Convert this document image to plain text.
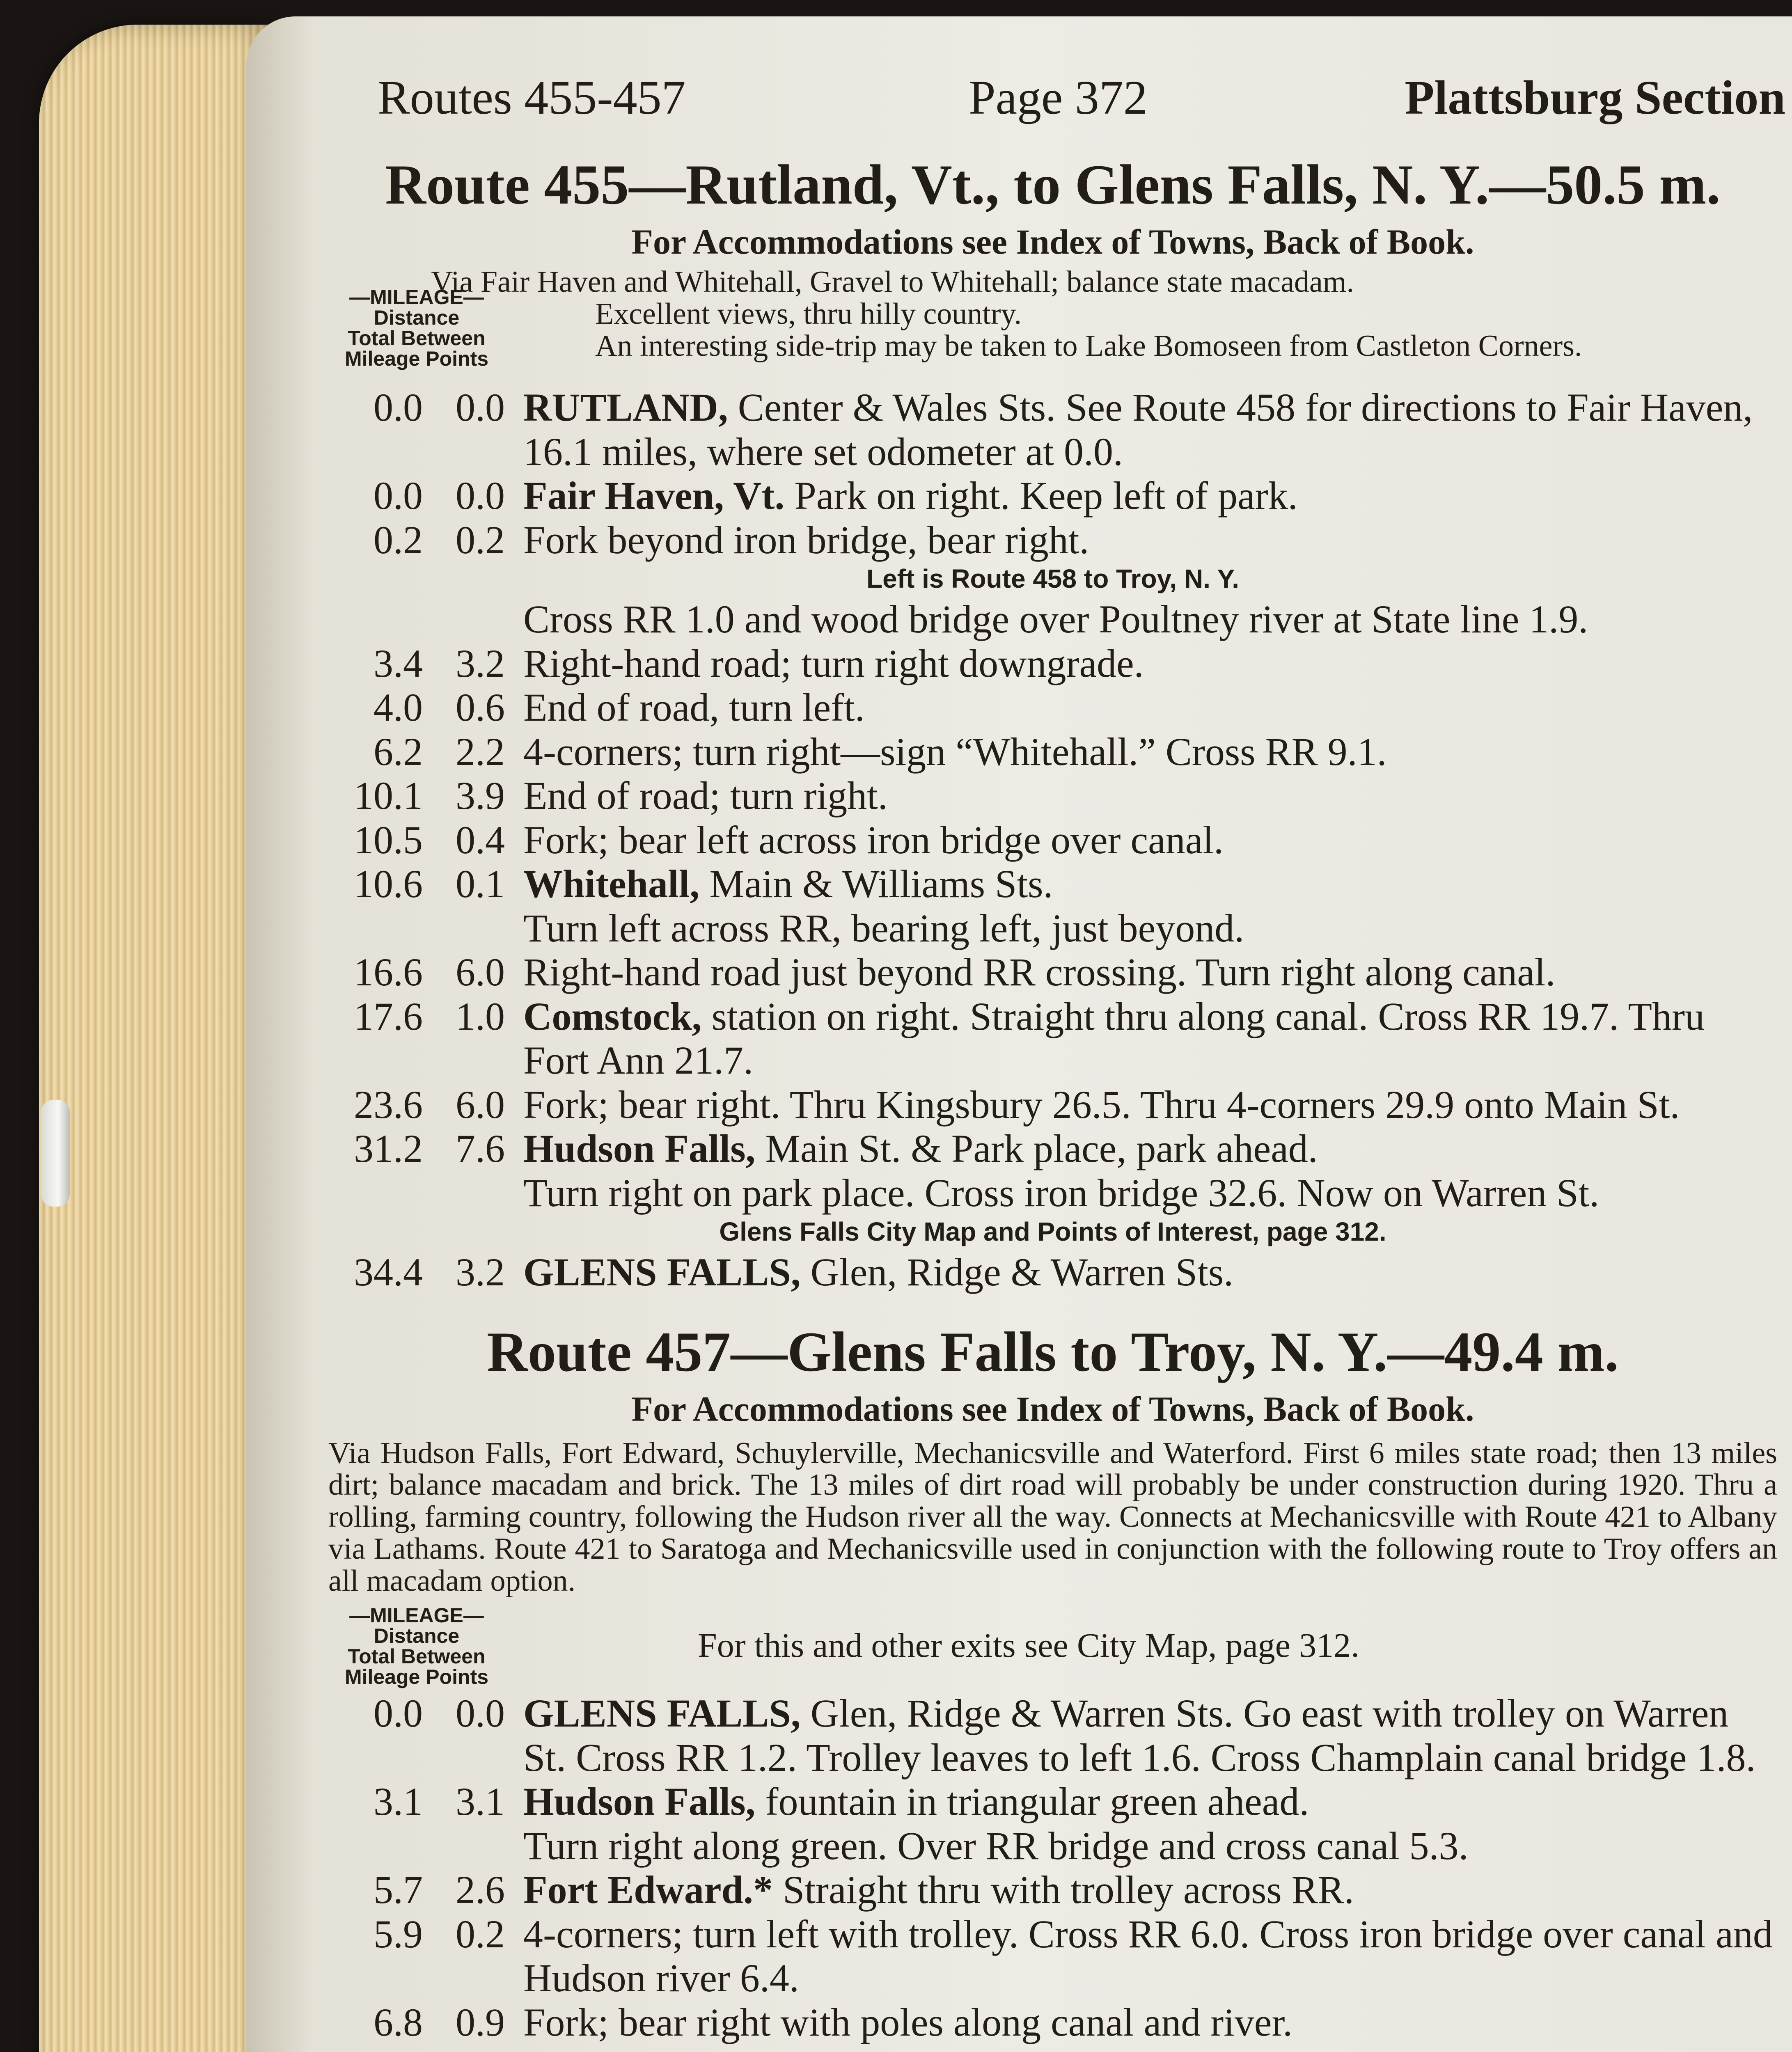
Routes 455-457	Page 372	Plattsburg Section
Route 455—Rutland, Vt., to Glens Falls, N. Y.—50.5 m.
For Accommodations see Index of Towns, Back of Book.
—MILEAGE—
Distance
Total Between
Mileage Points
Via Fair Haven and Whitehall, Gravel to Whitehall; balance state macadam.
Excellent views, thru hilly country.
An interesting side-trip may be taken to Lake Bomoseen from Castleton Corners.
0.0 0.0 RUTLAND, Center & Wales Sts. See Route 458 for directions to Fair Haven, 16.1 miles, where set odometer at 0.0.
0.0 0.0 Fair Haven, Vt. Park on right. Keep left of park.
0.2 0.2 Fork beyond iron bridge, bear right.
Left is Route 458 to Troy, N. Y.
Cross RR 1.0 and wood bridge over Poultney river at State line 1.9.
3.4 3.2 Right-hand road; turn right downgrade.
4.0 0.6 End of road, turn left.
6.2 2.2 4-corners; turn right—sign “Whitehall.” Cross RR 9.1.
10.1 3.9 End of road; turn right.
10.5 0.4 Fork; bear left across iron bridge over canal.
10.6 0.1 Whitehall, Main & Williams Sts.
Turn left across RR, bearing left, just beyond.
16.6 6.0 Right-hand road just beyond RR crossing. Turn right along canal.
17.6 1.0 Comstock, station on right. Straight thru along canal. Cross RR 19.7. Thru Fort Ann 21.7.
23.6 6.0 Fork; bear right. Thru Kingsbury 26.5. Thru 4-corners 29.9 onto Main St.
31.2 7.6 Hudson Falls, Main St. & Park place, park ahead.
Turn right on park place. Cross iron bridge 32.6. Now on Warren St.
Glens Falls City Map and Points of Interest, page 312.
34.4 3.2 GLENS FALLS, Glen, Ridge & Warren Sts.
Route 457—Glens Falls to Troy, N. Y.—49.4 m.
For Accommodations see Index of Towns, Back of Book.
Via Hudson Falls, Fort Edward, Schuylerville, Mechanicsville and Waterford. First 6 miles state road; then 13 miles dirt; balance macadam and brick. The 13 miles of dirt road will probably be under construction during 1920. Thru a rolling, farming country, following the Hudson river all the way. Connects at Mechanicsville with Route 421 to Albany via Lathams. Route 421 to Saratoga and Mechanicsville used in conjunction with the following route to Troy offers an all macadam option.
—MILEAGE—
Distance
Total Between
Mileage Points
For this and other exits see City Map, page 312.
0.0 0.0 GLENS FALLS, Glen, Ridge & Warren Sts. Go east with trolley on Warren St. Cross RR 1.2. Trolley leaves to left 1.6. Cross Champlain canal bridge 1.8.
3.1 3.1 Hudson Falls, fountain in triangular green ahead.
Turn right along green. Over RR bridge and cross canal 5.3.
5.7 2.6 Fort Edward.* Straight thru with trolley across RR.
5.9 0.2 4-corners; turn left with trolley. Cross RR 6.0. Cross iron bridge over canal and Hudson river 6.4.
6.8 0.9 Fork; bear right with poles along canal and river.
